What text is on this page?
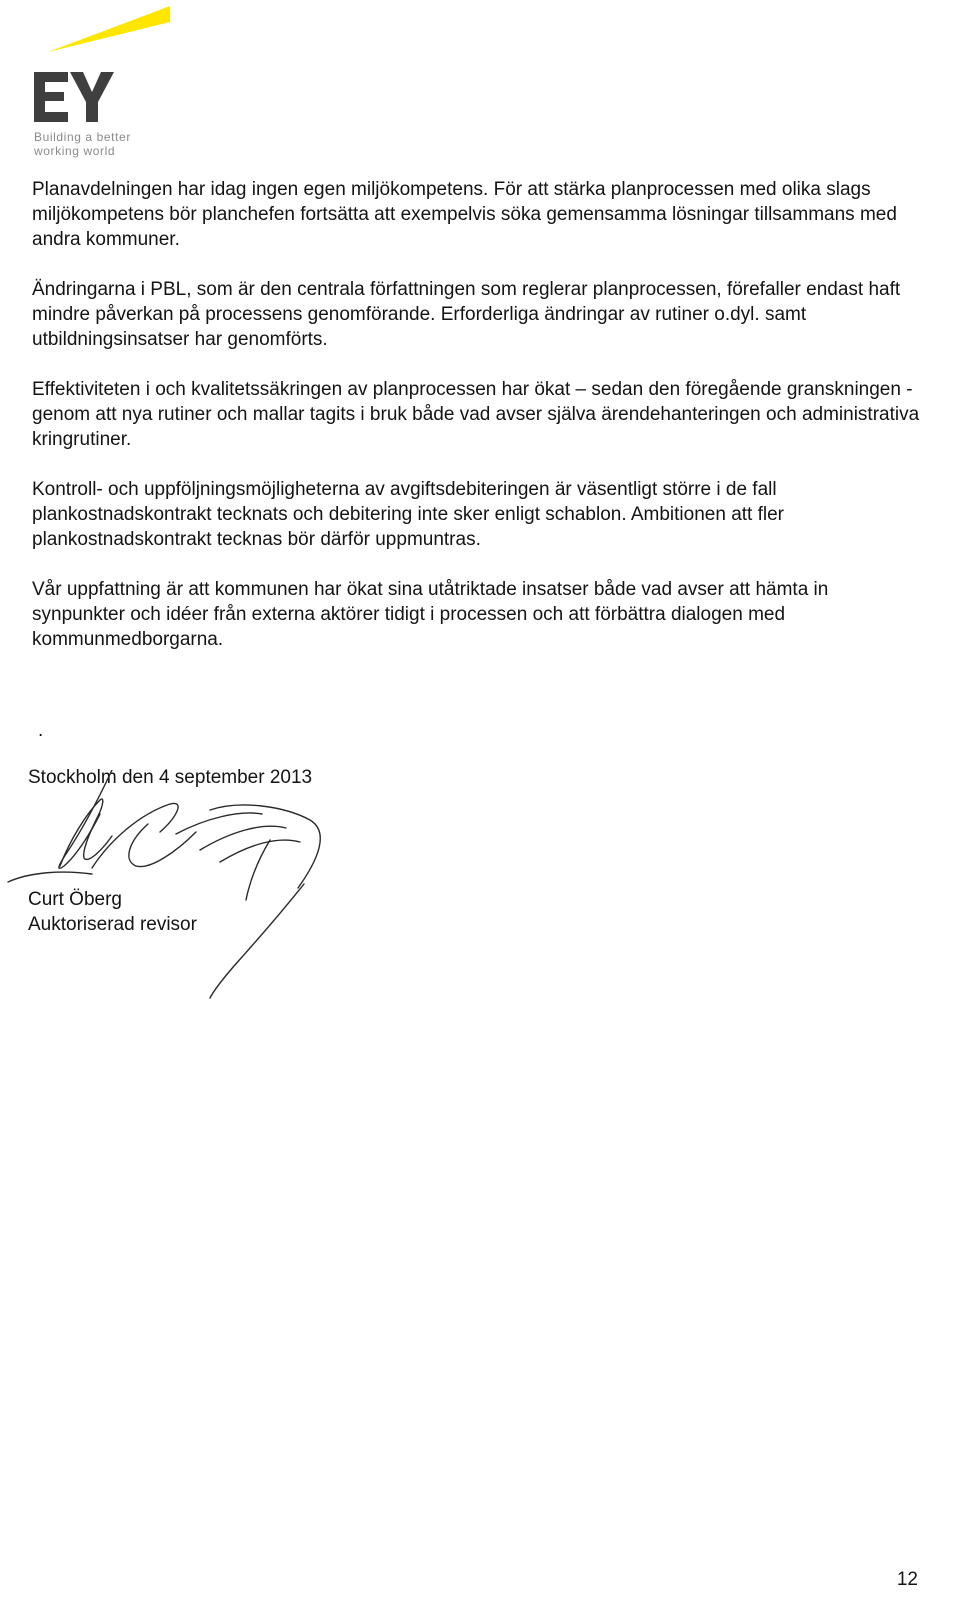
Building a better
working world

Planavdelningen har idag ingen egen miljökompetens. För att stärka planprocessen med olika slags miljökompetens bör planchefen fortsätta att exempelvis söka gemensamma lösningar tillsammans med andra kommuner.

Ändringarna i PBL, som är den centrala författningen som reglerar planprocessen, förefaller endast haft mindre påverkan på processens genomförande. Erforderliga ändringar av rutiner o.dyl. samt utbildningsinsatser har genomförts.

Effektiviteten i och kvalitetssäkringen av planprocessen har ökat – sedan den föregående granskningen - genom att nya rutiner och mallar tagits i bruk både vad avser själva ärendehanteringen och administrativa kringrutiner.

Kontroll- och uppföljningsmöjligheterna av avgiftsdebiteringen är väsentligt större i de fall plankostnadskontrakt tecknats och debitering inte sker enligt schablon. Ambitionen att fler plankostnadskontrakt tecknas bör därför uppmuntras.

Vår uppfattning är att kommunen har ökat sina utåtriktade insatser både vad avser att hämta in synpunkter och idéer från externa aktörer tidigt i processen och att förbättra dialogen med kommunmedborgarna.

.
Stockholm den 4 september 2013
Curt Öberg
Auktoriserad revisor
12
